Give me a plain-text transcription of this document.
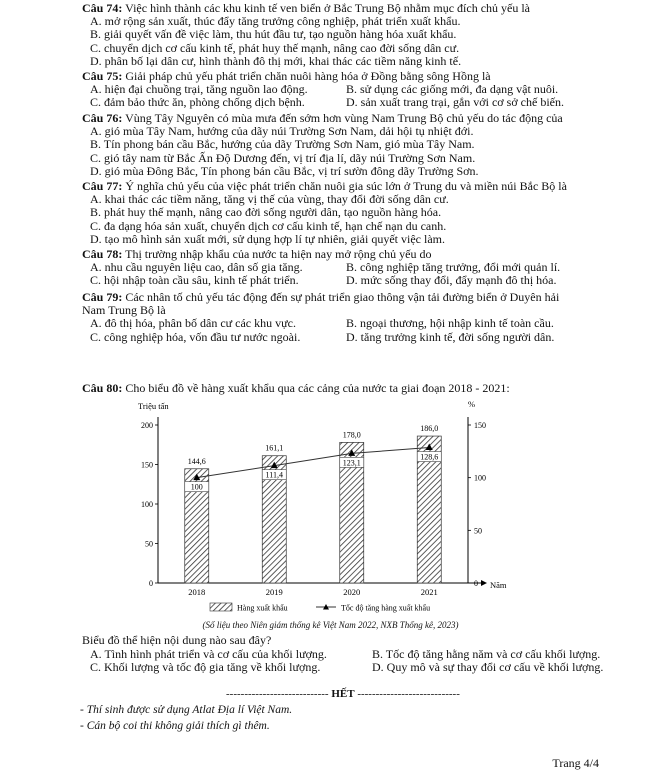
Câu 74: Việc hình thành các khu kinh tế ven biển ở Bắc Trung Bộ nhằm mục đích chủ yếu là
A. mở rộng sản xuất, thúc đẩy tăng trưởng công nghiệp, phát triển xuất khẩu.
B. giải quyết vấn đề việc làm, thu hút đầu tư, tạo nguồn hàng hóa xuất khẩu.
C. chuyển dịch cơ cấu kinh tế, phát huy thế mạnh, nâng cao đời sống dân cư.
D. phân bố lại dân cư, hình thành đô thị mới, khai thác các tiềm năng kinh tế.
Câu 75: Giải pháp chủ yếu phát triển chăn nuôi hàng hóa ở Đồng bằng sông Hồng là
A. hiện đại chuồng trại, tăng nguồn lao động.	B. sử dụng các giống mới, đa dạng vật nuôi.
C. đảm bảo thức ăn, phòng chống dịch bệnh.	D. sản xuất trang trại, gắn với cơ sở chế biến.
Câu 76: Vùng Tây Nguyên có mùa mưa đến sớm hơn vùng Nam Trung Bộ chủ yếu do tác động của
A. gió mùa Tây Nam, hướng của dãy núi Trường Sơn Nam, dải hội tụ nhiệt đới.
B. Tín phong bán cầu Bắc, hướng của dãy Trường Sơn Nam, gió mùa Tây Nam.
C. gió tây nam từ Bắc Ấn Độ Dương đến, vị trí địa lí, dãy núi Trường Sơn Nam.
D. gió mùa Đông Bắc, Tín phong bán cầu Bắc, vị trí sườn đông dãy Trường Sơn.
Câu 77: Ý nghĩa chủ yếu của việc phát triển chăn nuôi gia súc lớn ở Trung du và miền núi Bắc Bộ là
A. khai thác các tiềm năng, tăng vị thế của vùng, thay đổi đời sống dân cư.
B. phát huy thế mạnh, nâng cao đời sống người dân, tạo nguồn hàng hóa.
C. đa dạng hóa sản xuất, chuyển dịch cơ cấu kinh tế, hạn chế nạn du canh.
D. tạo mô hình sản xuất mới, sử dụng hợp lí tự nhiên, giải quyết việc làm.
Câu 78: Thị trường nhập khẩu của nước ta hiện nay mở rộng chủ yếu do
A. nhu cầu nguyên liệu cao, dân số gia tăng.	B. công nghiệp tăng trưởng, đổi mới quản lí.
C. hội nhập toàn cầu sâu, kinh tế phát triển.	D. mức sống thay đổi, đẩy mạnh đô thị hóa.
Câu 79: Các nhân tố chủ yếu tác động đến sự phát triển giao thông vận tải đường biển ở Duyên hải
Nam Trung Bộ là
A. đô thị hóa, phân bố dân cư các khu vực.	B. ngoại thương, hội nhập kinh tế toàn cầu.
C. công nghiệp hóa, vốn đầu tư nước ngoài.	D. tăng trưởng kinh tế, đời sống người dân.
Câu 80: Cho biểu đồ về hàng xuất khẩu qua các cảng của nước ta giai đoạn 2018 - 2021:
0
50
100
150
200
0
50
100
150
144,6
2018
161,1
2019
178,0
2020
186,0
2021
100
111,4
123,1
128,6
Triệu tấn	%
Năm
Hàng xuất khẩu	Tốc độ tăng hàng xuất khẩu
(Số liệu theo Niên giám thống kê Việt Nam 2022, NXB Thống kê, 2023)
Biểu đồ thể hiện nội dung nào sau đây?
A. Tình hình phát triển và cơ cấu của khối lượng.	B. Tốc độ tăng hằng năm và cơ cấu khối lượng.
C. Khối lượng và tốc độ gia tăng về khối lượng.	D. Quy mô và sự thay đổi cơ cấu về khối lượng.
---------------------------- HẾT ----------------------------
- Thí sinh được sử dụng Atlat Địa lí Việt Nam.
- Cán bộ coi thi không giải thích gì thêm.
Trang 4/4
